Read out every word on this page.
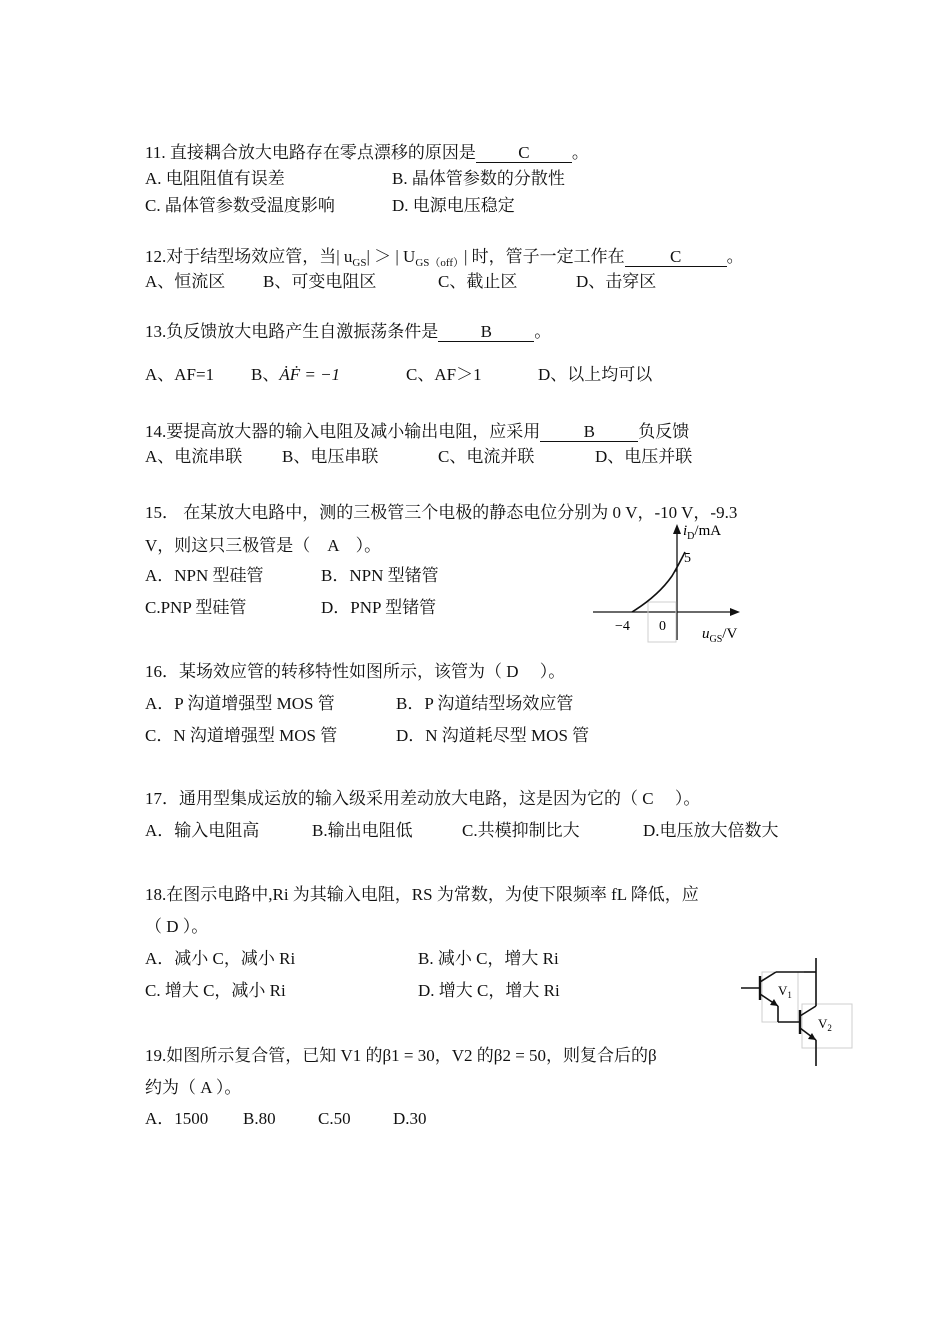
11. 直接耦合放大电路存在零点漂移的原因是 C 。
A. 电阻阻值有误差	B. 晶体管参数的分散性
C. 晶体管参数受温度影响	D. 电源电压稳定
12.对于结型场效应管，当| $u_{GS}|$ ＞ | $U_{GS(off)}|$ 时，管子一定工作在	C	。
A、恒流区 B、可变电阻区	C、截止区	D、击穿区
13.负反馈放大电路产生自激振荡条件是 B 。
A、AF=1 B、ȦḞ = −1	C、AF＞1	D、以上均可以
14.要提高放大器的输入电阻及减小输出电阻，应采用	B	负反馈
A、电流串联 B、电压串联	C、电流并联	D、电压并联
15． 在某放大电路中，测的三极管三个电极的静态电位分别为 0 V，-10 V，-9.3
V，则这只三极管是（　A　）。
A．NPN 型硅管	B．NPN 型锗管
C.PNP 型硅管	D．PNP 型锗管
5
$i_D/mA$
−4 0 $u_{GS}/V$
16．某场效应管的转移特性如图所示，该管为（ D　 ）。
A．P 沟道增强型 MOS 管	B．P 沟道结型场效应管
C．N 沟道增强型 MOS 管	D．N 沟道耗尽型 MOS 管
17．通用型集成运放的输入级采用差动放大电路，这是因为它的（ C　 ）。
A．输入电阻高	B.输出电阻低	C.共模抑制比大	D.电压放大倍数大
18.在图示电路中,Ri 为其输入电阻，RS 为常数，为使下限频率 fL 降低，应
（ D ）。
A．减小 C，减小 Ri	B. 减小 C，增大 Ri
C. 增大 C，减小 Ri	D. 增大 C，增大 Ri	$V_1$
$V_2$
19.如图所示复合管，已知 V1 的β1 = 30，V2 的β2 = 50，则复合后的β
约为（ A ）。
A．1500 B.80 C.50 D.30
